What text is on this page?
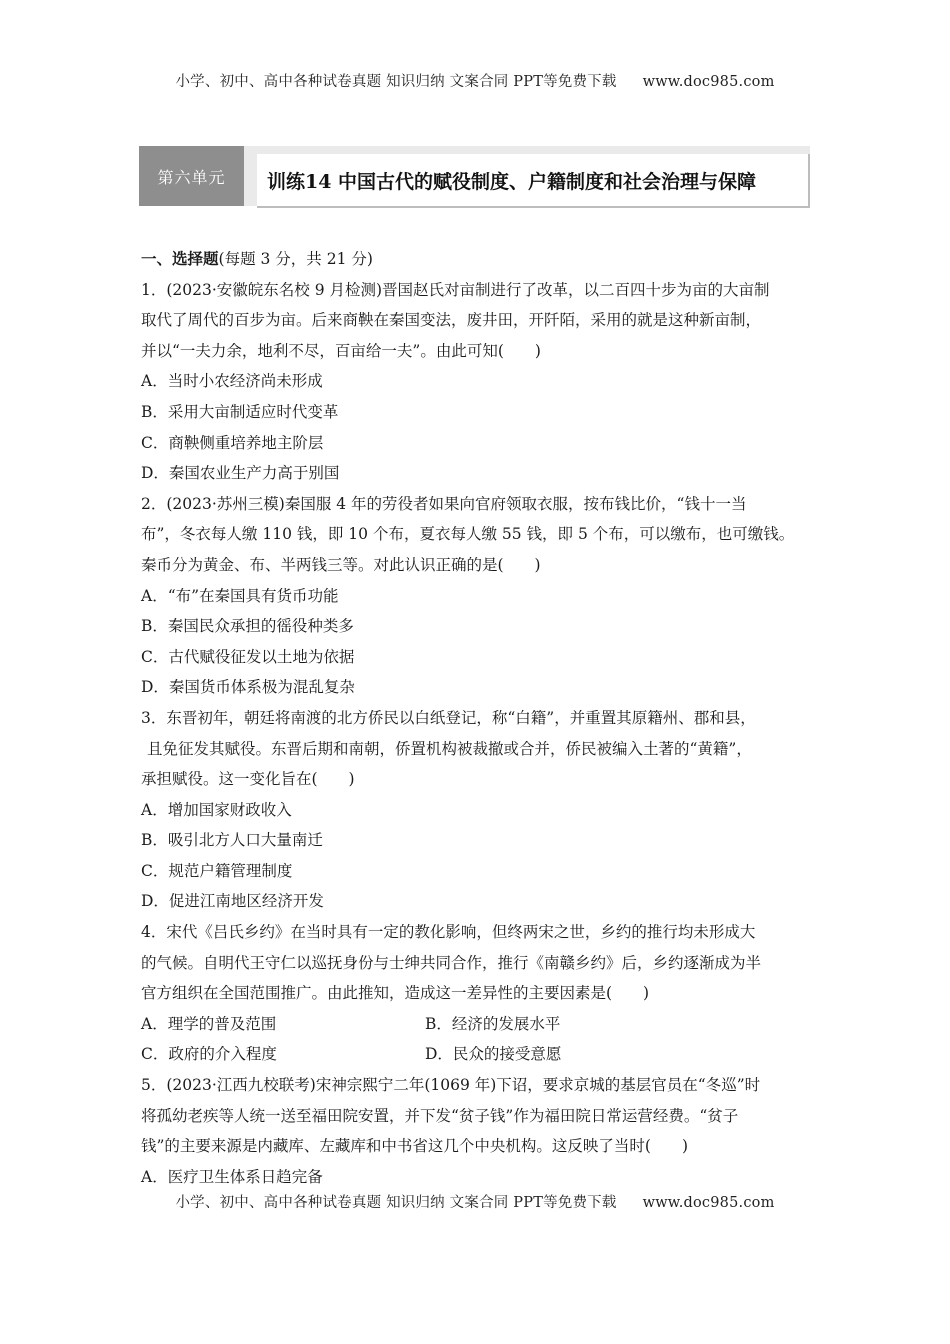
小学、初中、高中各种试卷真题 知识归纳 文案合同 PPT等免费下载 www.doc985.com
第六单元	训练14 中国古代的赋役制度、户籍制度和社会治理与保障
一、选择题(每题 3 分，共 21 分)
1．(2023·安徽皖东名校 9 月检测)晋国赵氏对亩制进行了改革，以二百四十步为亩的大亩制
取代了周代的百步为亩。后来商鞅在秦国变法，废井田，开阡陌，采用的就是这种新亩制，
并以“一夫力余，地利不尽，百亩给一夫”。由此可知(　　)
A．当时小农经济尚未形成
B．采用大亩制适应时代变革
C．商鞅侧重培养地主阶层
D．秦国农业生产力高于别国
2．(2023·苏州三模)秦国服 4 年的劳役者如果向官府领取衣服，按布钱比价，“钱十一当
布”，冬衣每人缴 110 钱，即 10 个布，夏衣每人缴 55 钱，即 5 个布，可以缴布，也可缴钱。
秦币分为黄金、布、半两钱三等。对此认识正确的是(　　)
A．“布”在秦国具有货币功能
B．秦国民众承担的徭役种类多
C．古代赋役征发以土地为依据
D．秦国货币体系极为混乱复杂
3．东晋初年，朝廷将南渡的北方侨民以白纸登记，称“白籍”，并重置其原籍州、郡和县，
且免征发其赋役。东晋后期和南朝，侨置机构被裁撤或合并，侨民被编入土著的“黄籍”，
承担赋役。这一变化旨在(　　)
A．增加国家财政收入
B．吸引北方人口大量南迁
C．规范户籍管理制度
D．促进江南地区经济开发
4．宋代《吕氏乡约》在当时具有一定的教化影响，但终两宋之世，乡约的推行均未形成大
的气候。自明代王守仁以巡抚身份与士绅共同合作，推行《南赣乡约》后，乡约逐渐成为半
官方组织在全国范围推广。由此推知，造成这一差异性的主要因素是(　　)
A．理学的普及范围	B．经济的发展水平
C．政府的介入程度	D．民众的接受意愿
5．(2023·江西九校联考)宋神宗熙宁二年(1069 年)下诏，要求京城的基层官员在“冬巡”时
将孤幼老疾等人统一送至福田院安置，并下发“贫子钱”作为福田院日常运营经费。“贫子
钱”的主要来源是内藏库、左藏库和中书省这几个中央机构。这反映了当时(　　)
A．医疗卫生体系日趋完备
小学、初中、高中各种试卷真题 知识归纳 文案合同 PPT等免费下载 www.doc985.com
